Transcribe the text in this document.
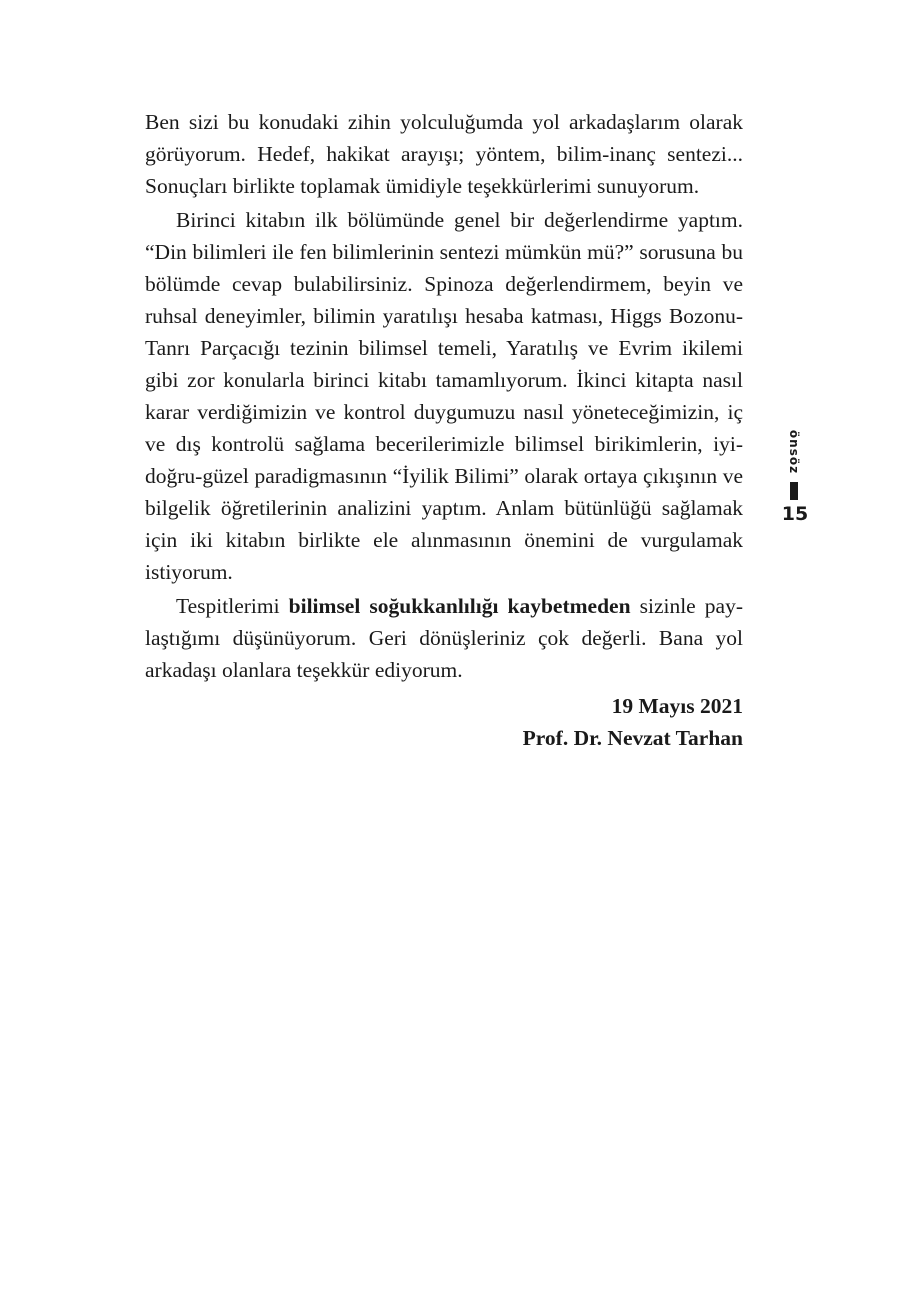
Ben sizi bu konudaki zihin yolculuğumda yol arkadaşlarım olarak görüyorum. Hedef, hakikat arayışı; yöntem, bilim-inanç sentezi... Sonuçları birlikte toplamak ümidiyle teşekkürlerimi sunuyorum.

Birinci kitabın ilk bölümünde genel bir değerlendirme yaptım. “Din bilimleri ile fen bilimlerinin sentezi mümkün mü?” sorusuna bu bölümde cevap bulabilirsiniz. Spinoza değerlendirmem, beyin ve ruhsal deneyimler, bilimin yaratılışı hesaba katması, Higgs Bozonu-Tanrı Parçacığı tezinin bilimsel temeli, Yaratılış ve Evrim ikilemi gibi zor konularla birinci kitabı tamamlıyorum. İkinci kitapta nasıl karar verdiğimizin ve kontrol duygumuzu nasıl yöneteceğimizin, iç ve dış kontrolü sağlama becerilerimizle bilimsel birikimlerin, iyi-doğru-güzel paradigmasının “İyilik Bilimi” olarak ortaya çıkışının ve bilgelik öğretilerinin analizini yaptım. Anlam bütünlüğü sağlamak için iki kitabın birlikte ele alınmasının önemini de vurgulamak istiyorum.

Tespitlerimi bilimsel soğukkanlılığı kaybetmeden sizinle paylaştığımı düşünüyorum. Geri dönüşleriniz çok değerli. Bana yol arkadaşı olanlara teşekkür ediyorum.

19 Mayıs 2021

Prof. Dr. Nevzat Tarhan

önsöz
15
